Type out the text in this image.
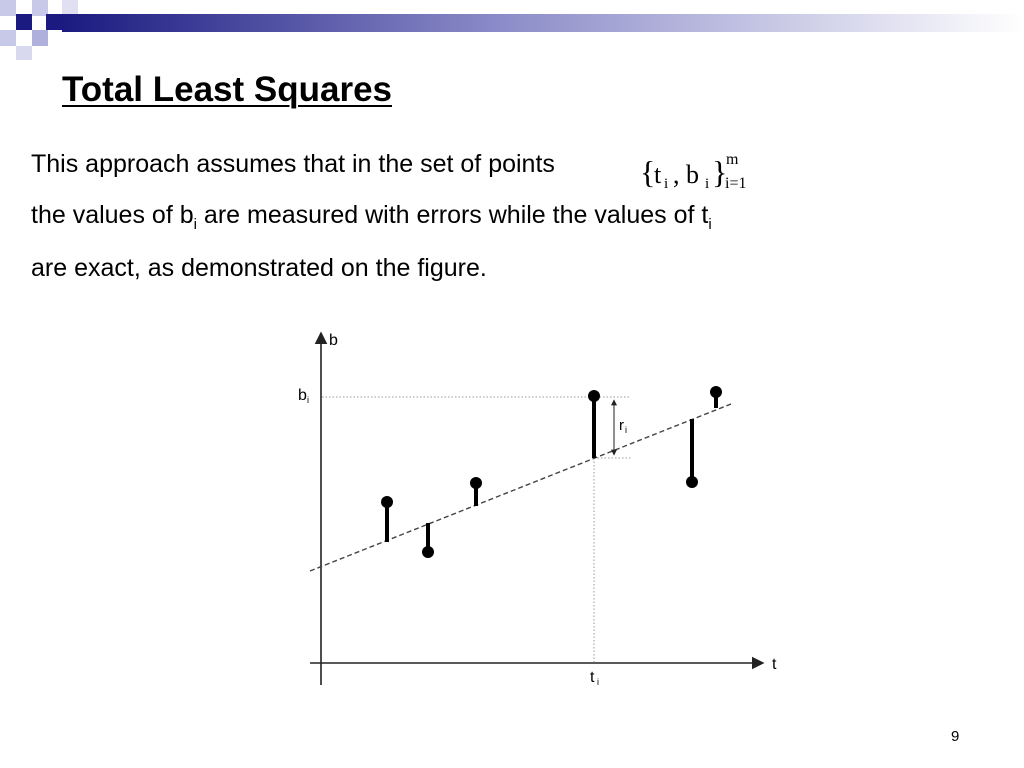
Total Least Squares

This approach assumes that in the set of points	{
t i , b i }
m
i=1

the values of $b_i$ are measured with errors while the values of $t_i$

are exact, as demonstrated on the figure.

b
t
b i
t i
r i

9
